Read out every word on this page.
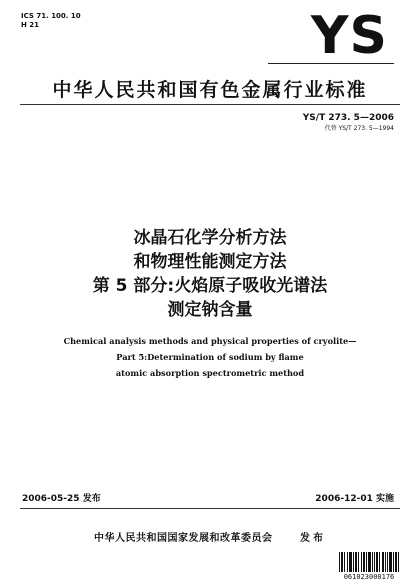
ICS 71. 100. 10
H 21	YS
中华人民共和国有色金属行业标准
YS/T 273. 5—2006
代替 YS/T 273. 5—1994
冰晶石化学分析方法
和物理性能测定方法
第 5 部分:火焰原子吸收光谱法
测定钠含量
Chemical analysis methods and physical properties of cryolite—
Part 5:Determination of sodium by flame
atomic absorption spectrometric method
2006-05-25 发布	2006-12-01 实施
中华人民共和国国家发展和改革委员会	发布
061023000176
